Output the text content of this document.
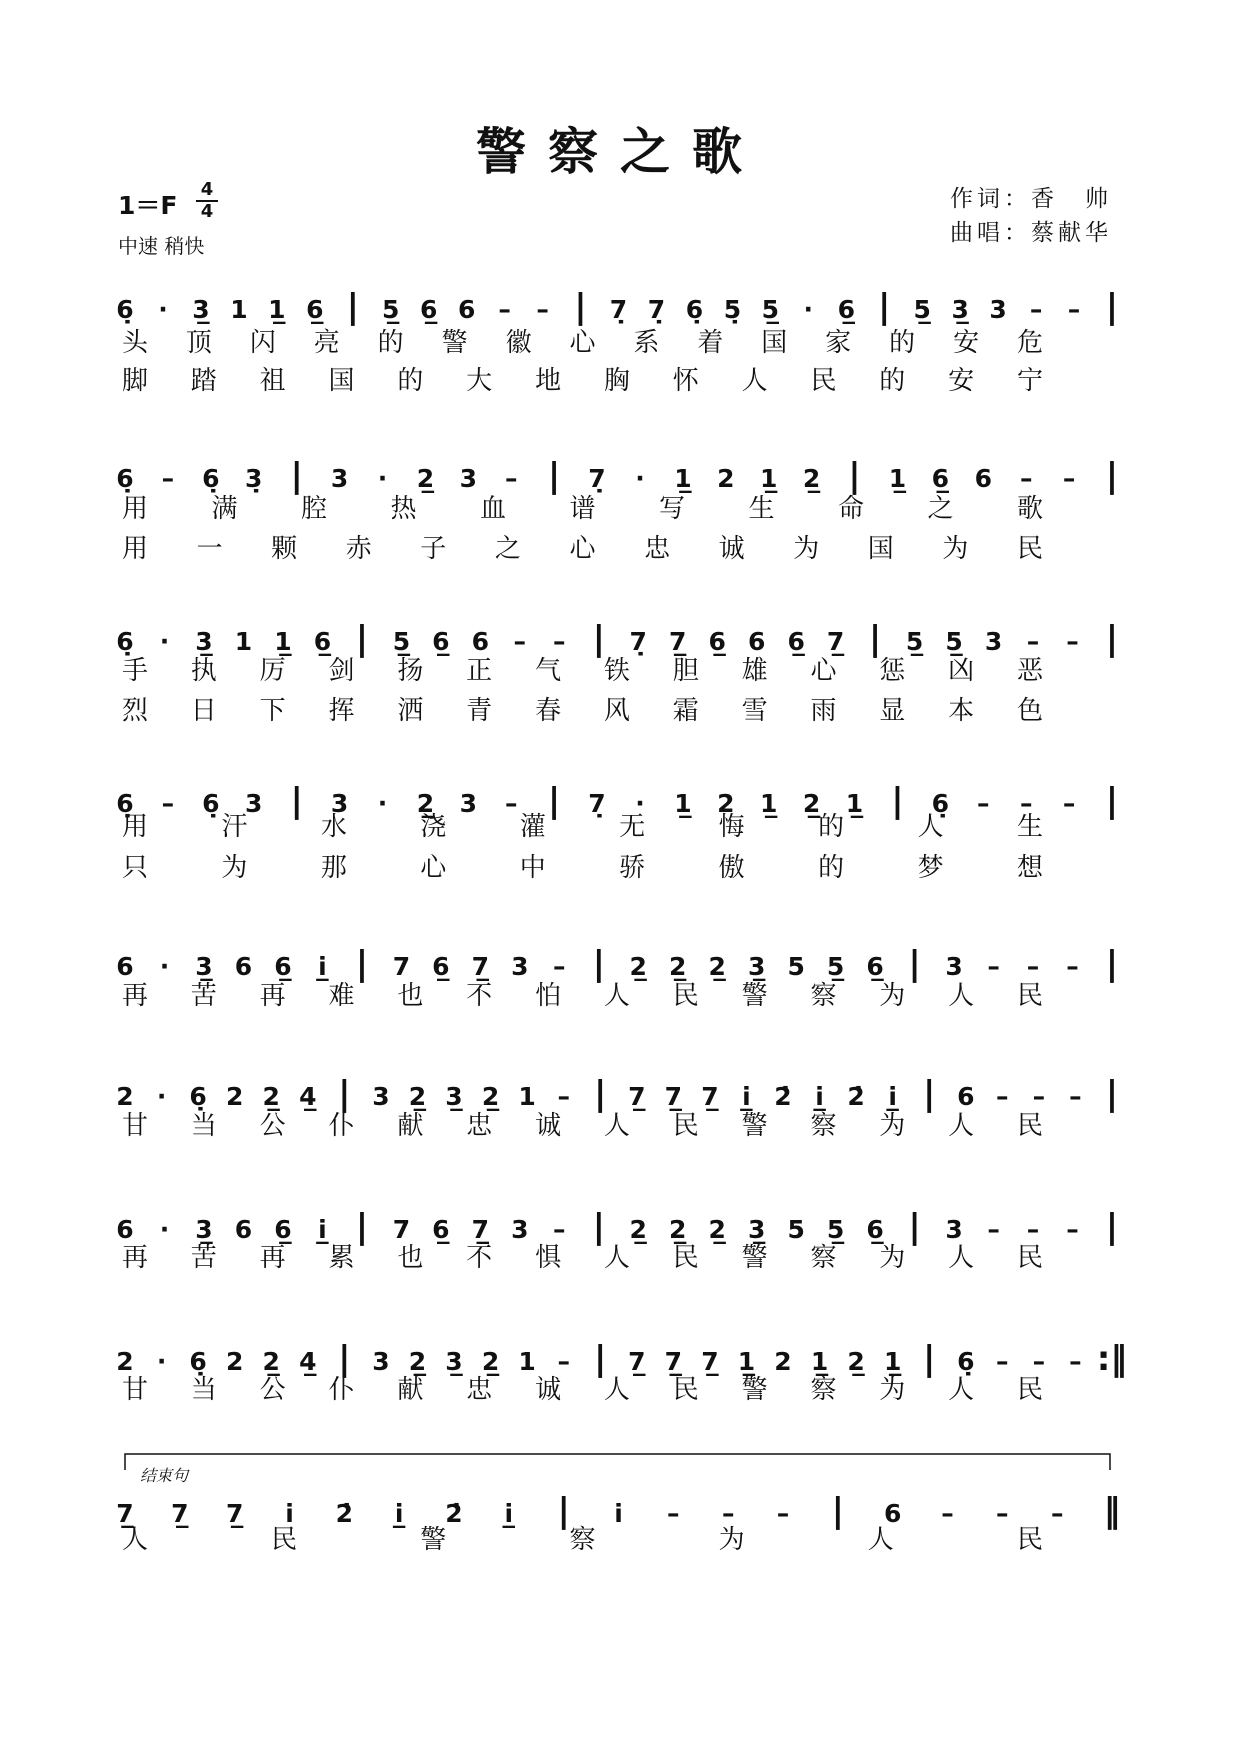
警察之歌
1＝F
4
4
中速 稍快
作词：香　帅
曲唱：蔡献华
结束句
6̣ · 3̲ 1 1̲ 6̲ | 5̲ 6̲ 6 – – | 7̣ 7̣ 6̣ 5̣ 5̲ · 6̲ | 5̲ 3̲ 3 – – |
6̣ – 6̣ 3̣ | 3 · 2̲ 3 – | 7̣ · 1̲ 2 1̲ 2̲ | 1̲ 6̲ 6 – – |
6̣ · 3̲ 1 1̲ 6̲ | 5̲ 6̲ 6 – – | 7̣ 7̲ 6̲ 6 6̲ 7̲ | 5̲ 5̲ 3 – – |
6̣ – 6̣ 3 | 3 · 2̲ 3 – | 7̣ · 1̲ 2 1̲ 2̲ 1̲ | 6̣ – – – |
6 · 3̲ 6 6̲ i̲ | 7 6̲ 7̲ 3 – | 2̲ 2̲ 2̲ 3̲ 5 5̲ 6̲ | 3 – – – |
2 · 6̣ 2 2̲ 4̲ | 3 2̲ 3̲ 2̲ 1 – | 7̲ 7̲ 7̲ i̲ 2̇ i̲ 2̇ i̲ | 6 – – – |
6 · 3̲ 6 6̲ i̲ | 7 6̲ 7̲ 3 – | 2̲ 2̲ 2̲ 3̲ 5 5̲ 6̲ | 3 – – – |
2 · 6̣ 2 2̲ 4̲ | 3 2̲ 3̲ 2̲ 1 – | 7̲ 7̲ 7̲ 1̲ 2 1̲ 2̲ 1̲ | 6̣ – – – :‖
7̲ 7̲ 7̲ i 2̇ i̲ 2̇ i̲ | i – – – | 6 – – – ‖
头 顶 闪 亮 的 警 徽 心 系 着 国 家 的 安 危
脚 踏 祖 国 的 大 地 胸 怀 人 民 的 安 宁
用 满 腔 热 血 谱 写 生 命 之 歌
用 一 颗 赤 子 之 心 忠 诚 为 国 为 民
手 执 厉 剑 扬 正 气 铁 胆 雄 心 惩 凶 恶
烈 日 下 挥 洒 青 春 风 霜 雪 雨 显 本 色
用	汗	水	浇	灌	无	悔	的	人	生
只	为	那	心	中	骄	傲	的	梦	想
再 苦 再 难 也 不 怕 人 民 警 察 为 人 民
甘 当 公 仆 献 忠 诚 人 民 警 察 为 人 民
再 苦 再 累 也 不 惧 人 民 警 察 为 人 民
甘 当 公 仆 献 忠 诚 人 民 警 察 为 人 民
人	民	警	察	为	人	民
